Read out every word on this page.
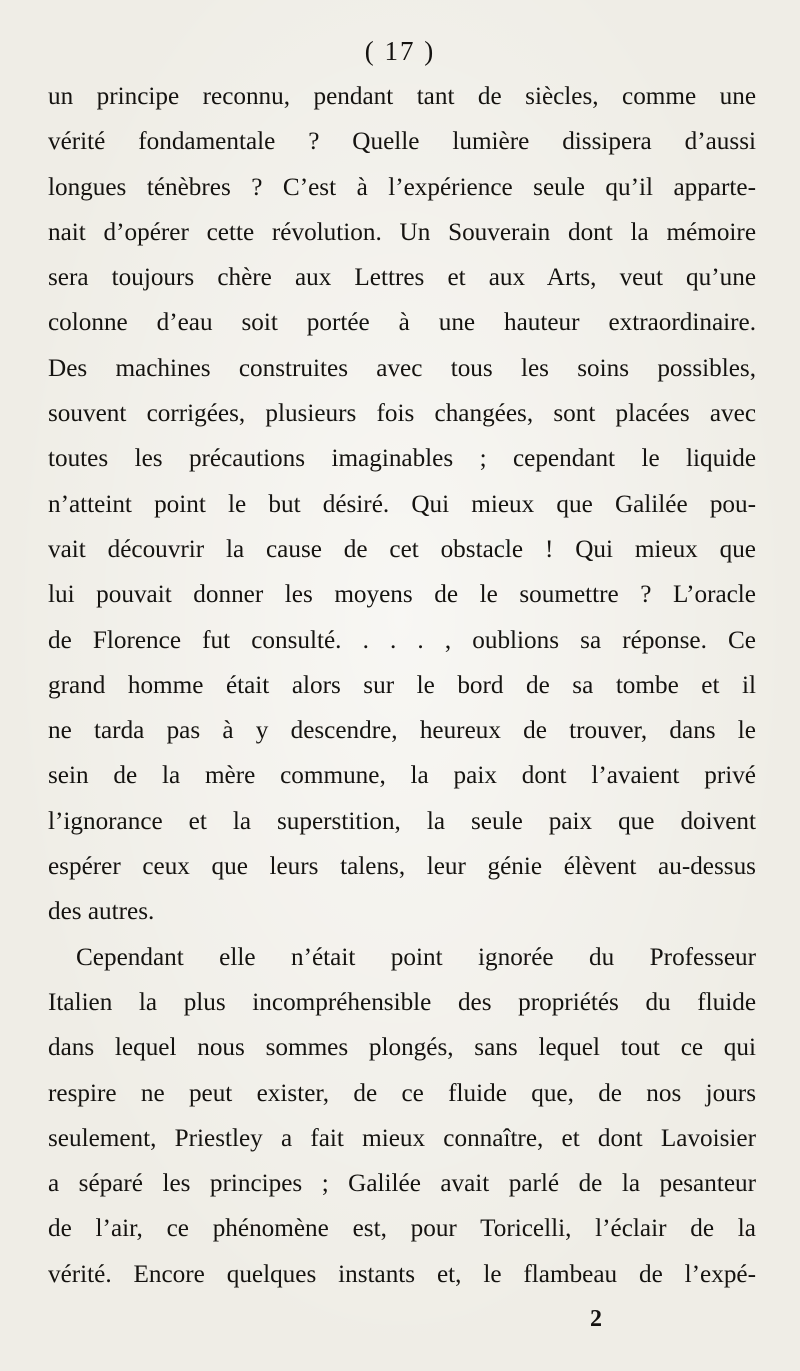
( 17 )
un principe reconnu, pendant tant de siècles, comme une
vérité fondamentale ? Quelle lumière dissipera d’aussi
longues ténèbres ? C’est à l’expérience seule qu’il apparte-
nait d’opérer cette révolution. Un Souverain dont la mémoire
sera toujours chère aux Lettres et aux Arts, veut qu’une
colonne d’eau soit portée à une hauteur extraordinaire.
Des machines construites avec tous les soins possibles,
souvent corrigées, plusieurs fois changées, sont placées avec
toutes les précautions imaginables ; cependant le liquide
n’atteint point le but désiré. Qui mieux que Galilée pou-
vait découvrir la cause de cet obstacle ! Qui mieux que
lui pouvait donner les moyens de le soumettre ? L’oracle
de Florence fut consulté. . . . , oublions sa réponse. Ce
grand homme était alors sur le bord de sa tombe et il
ne tarda pas à y descendre, heureux de trouver, dans le
sein de la mère commune, la paix dont l’avaient privé
l’ignorance et la superstition, la seule paix que doivent
espérer ceux que leurs talens, leur génie élèvent au-dessus
des autres.
Cependant elle n’était point ignorée du Professeur
Italien la plus incompréhensible des propriétés du fluide
dans lequel nous sommes plongés, sans lequel tout ce qui
respire ne peut exister, de ce fluide que, de nos jours
seulement, Priestley a fait mieux connaître, et dont Lavoisier
a séparé les principes ; Galilée avait parlé de la pesanteur
de l’air, ce phénomène est, pour Toricelli, l’éclair de la
vérité. Encore quelques instants et, le flambeau de l’expé-
2
